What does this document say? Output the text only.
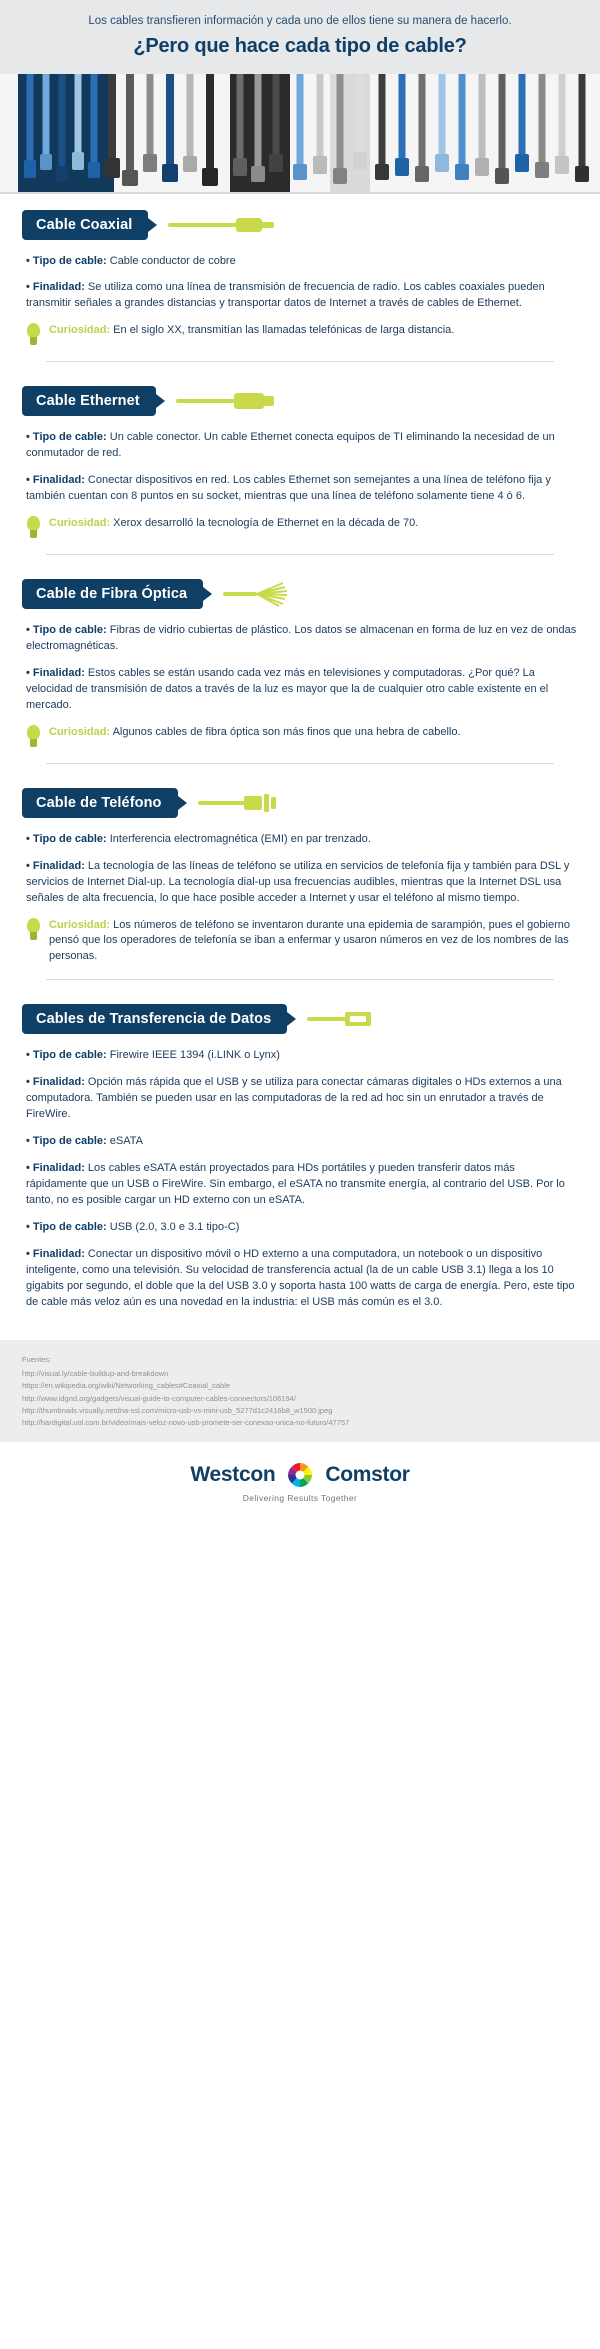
Los cables transfieren información y cada uno de ellos tiene su manera de hacerlo.
¿Pero que hace cada tipo de cable?
Cable Coaxial
• Tipo de cable: Cable conductor de cobre
• Finalidad: Se utiliza como una línea de transmisión de frecuencia de radio. Los cables coaxiales pueden transmitir señales a grandes distancias y transportar datos de Internet a través de cables de Ethernet.
Curiosidad: En el siglo XX, transmitían las llamadas telefónicas de larga distancia.
Cable Ethernet
• Tipo de cable: Un cable conector. Un cable Ethernet conecta equipos de TI eliminando la necesidad de un conmutador de red.
• Finalidad: Conectar dispositivos en red. Los cables Ethernet son semejantes a una línea de teléfono fija y también cuentan con 8 puntos en su socket, mientras que una línea de teléfono solamente tiene 4 ó 6.
Curiosidad: Xerox desarrolló la tecnología de Ethernet en la década de 70.
Cable de Fibra Óptica
• Tipo de cable: Fibras de vidrio cubiertas de plástico. Los datos se almacenan en forma de luz en vez de ondas electromagnéticas.
• Finalidad: Estos cables se están usando cada vez más en televisiones y computadoras. ¿Por qué? La velocidad de transmisión de datos a través de la luz es mayor que la de cualquier otro cable existente en el mercado.
Curiosidad: Algunos cables de fibra óptica son más finos que una hebra de cabello.
Cable de Teléfono
• Tipo de cable: Interferencia electromagnética (EMI) en par trenzado.
• Finalidad: La tecnología de las líneas de teléfono se utiliza en servicios de telefonía fija y también para DSL y servicios de Internet Dial-up. La tecnología dial-up usa frecuencias audibles, mientras que la Internet DSL usa señales de alta frecuencia, lo que hace posible acceder a Internet y usar el teléfono al mismo tiempo.
Curiosidad: Los números de teléfono se inventaron durante una epidemia de sarampión, pues el gobierno pensó que los operadores de telefonía se iban a enfermar y usaron números en vez de los nombres de las personas.
Cables de Transferencia de Datos
• Tipo de cable: Firewire IEEE 1394 (i.LINK o Lynx)
• Finalidad: Opción más rápida que el USB y se utiliza para conectar cámaras digitales o HDs externos a una computadora. También se pueden usar en las computadoras de la red ad hoc sin un enrutador a través de FireWire.
• Tipo de cable: eSATA
• Finalidad: Los cables eSATA están proyectados para HDs portátiles y pueden transferir datos más rápidamente que un USB o FireWire. Sin embargo, el eSATA no transmite energía, al contrario del USB. Por lo tanto, no es posible cargar un HD externo con un eSATA.
• Tipo de cable: USB (2.0, 3.0 e 3.1 tipo-C)
• Finalidad: Conectar un dispositivo móvil o HD externo a una computadora, un notebook o un dispositivo inteligente, como una televisión. Su velocidad de transferencia actual (la de un cable USB 3.1) llega a los 10 gigabits por segundo, el doble que la del USB 3.0 y soporta hasta 100 watts de carga de energía. Pero, este tipo de cable más veloz aún es una novedad en la industria: el USB más común es el 3.0.
Fuentes:
http://visual.ly/cable-buildup-and-breakdown
https://en.wikipedia.org/wiki/Networking_cables#Coaxial_cable
http://www.idgnd.org/gadgets/visual-guide-to-computer-cables-connectors/106194/
http://thumbnails.visually.netdna-ssl.com/micro-usb-vs-mini-usb_5277d1c2416b8_w1500.jpeg
http://hardigital.uol.com.br/video/mais-veloz-novo-usb-promete-ser-conexao-unica-no-futuro/47757
Westcon Comstor
Delivering Results Together
